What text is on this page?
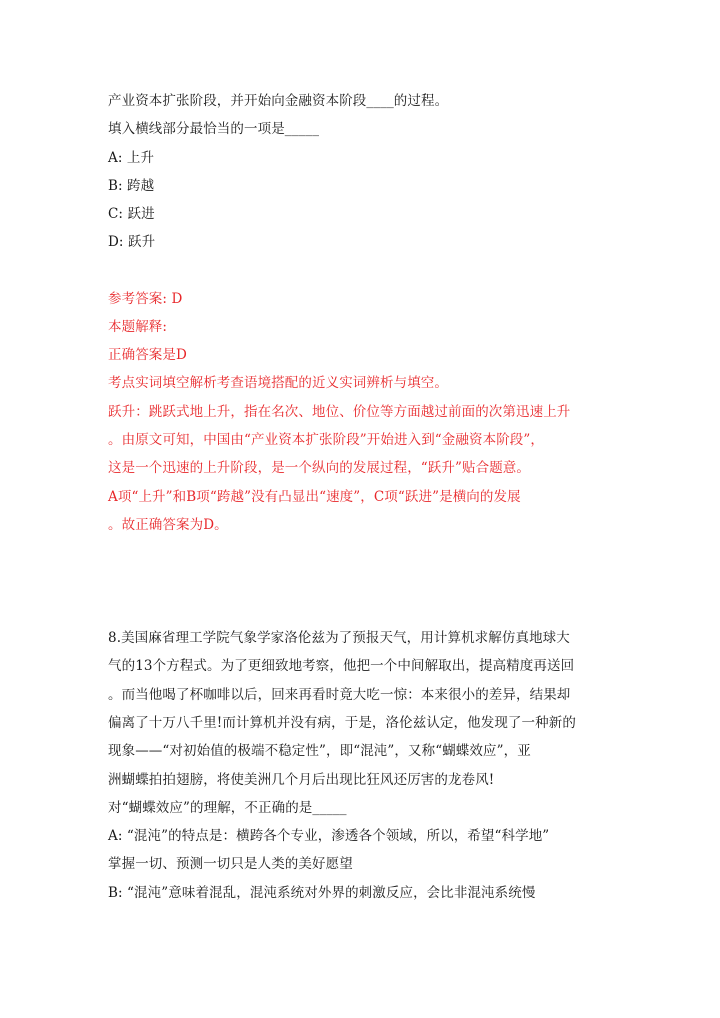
产业资本扩张阶段，并开始向金融资本阶段____的过程。
填入横线部分最恰当的一项是_____
A: 上升
B: 跨越
C: 跃进
D: 跃升
参考答案: D
本题解释:
正确答案是D
考点实词填空解析考查语境搭配的近义实词辨析与填空。
跃升：跳跃式地上升，指在名次、地位、价位等方面越过前面的次第迅速上升
。由原文可知，中国由“产业资本扩张阶段”开始进入到“金融资本阶段”，
这是一个迅速的上升阶段，是一个纵向的发展过程，“跃升”贴合题意。
A项“上升”和B项“跨越”没有凸显出“速度”，C项“跃进”是横向的发展
。故正确答案为D。
8.美国麻省理工学院气象学家洛伦兹为了预报天气，用计算机求解仿真地球大
气的13个方程式。为了更细致地考察，他把一个中间解取出，提高精度再送回
。而当他喝了杯咖啡以后，回来再看时竟大吃一惊：本来很小的差异，结果却
偏离了十万八千里!而计算机并没有病，于是，洛伦兹认定，他发现了一种新的
现象——“对初始值的极端不稳定性”，即“混沌”，又称“蝴蝶效应”，亚
洲蝴蝶拍拍翅膀，将使美洲几个月后出现比狂风还厉害的龙卷风!
对“蝴蝶效应”的理解，不正确的是_____
A: “混沌”的特点是：横跨各个专业，渗透各个领域，所以，希望“科学地”
掌握一切、预测一切只是人类的美好愿望
B: “混沌”意味着混乱，混沌系统对外界的刺激反应，会比非混沌系统慢
